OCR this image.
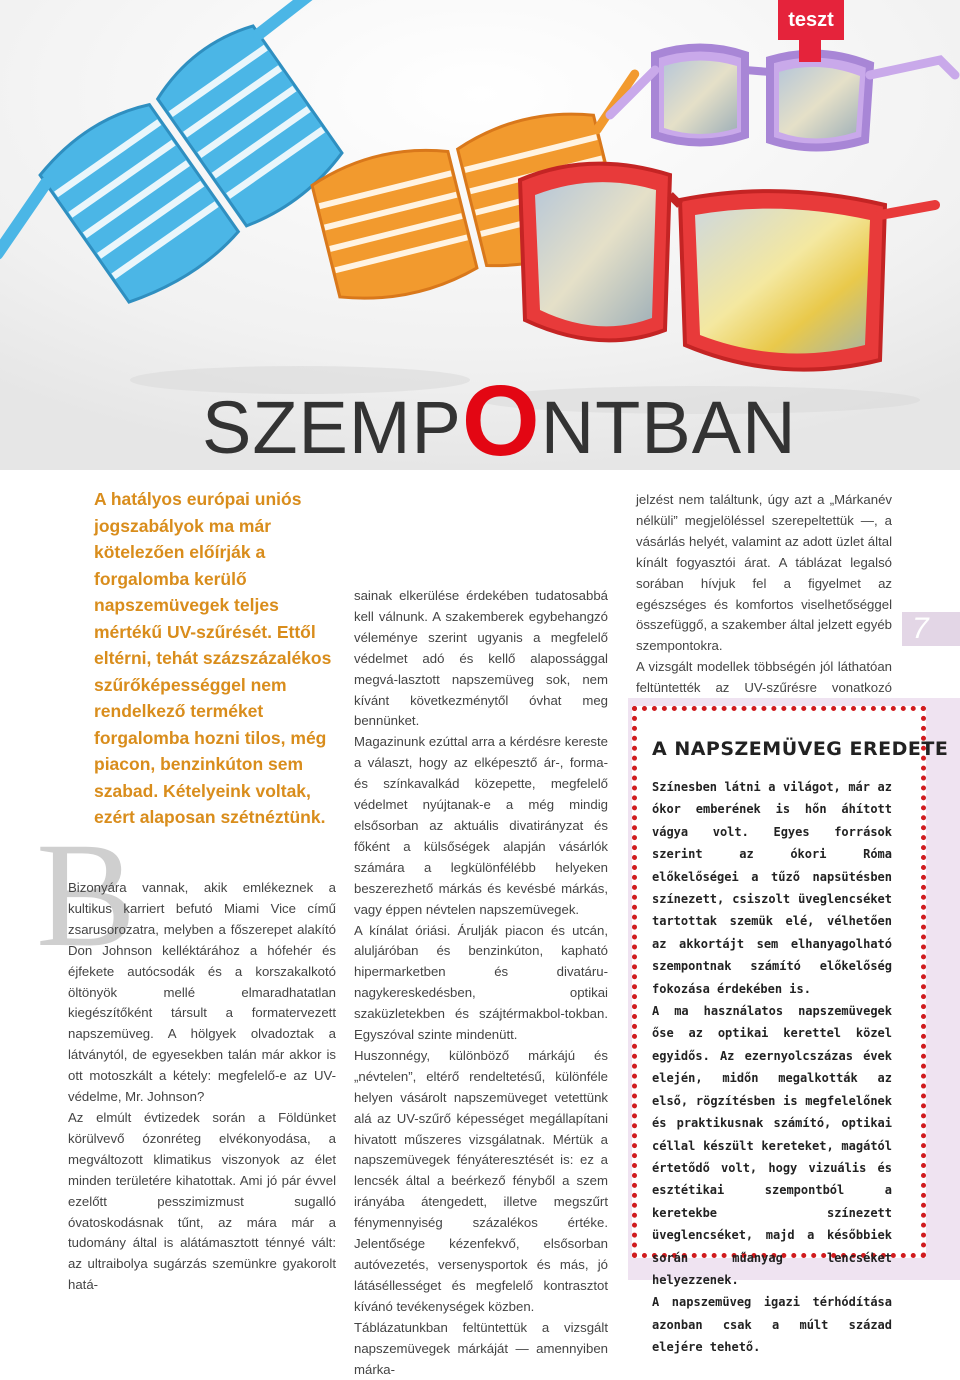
teszt
SZEMPONTBAN
A hatályos európai uniós jogszabályok ma már kötelezően előírják a forgalomba kerülő napszemüvegek teljes mértékű UV-szűrését. Ettől eltérni, tehát százszázalékos szűrőképességgel nem rendelkező terméket forgalomba hozni tilos, még piacon, benzinkúton sem szabad. Kételyeink voltak, ezért alaposan szétnéztünk.
B

Bizonyára vannak, akik emlékeznek a kultikus karriert befutó Miami Vice című zsarusorozatra, melyben a főszerepet alakító Don Johnson kelléktárához a hófehér és éjfekete autócsodák és a korszakalkotó öltönyök mellé elmaradhatatlan kiegészítőként társult a formatervezett napszemüveg. A hölgyek olvadoztak a látványtól, de egyesekben talán már akkor is ott motoszkált a kétely: megfelelő-e az UV-védelme, Mr. Johnson?

Az elmúlt évtizedek során a Földünket körülvevő ózonréteg elvékonyodása, a megváltozott klimatikus viszonyok az élet minden területére kihatottak. Ami jó pár évvel ezelőtt pesszimizmust sugalló óvatoskodásnak tűnt, az mára már a tudomány által is alátámasztott ténnyé vált: az ultraibolya sugárzás szemünkre gyakorolt hatá-

sainak elkerülése érdekében tudatosabbá kell válnunk. A szakemberek egybehangzó véleménye szerint ugyanis a megfelelő védelmet adó és kellő alapossággal megvá-lasztott napszemüveg sok, nem kívánt következménytől óvhat meg bennünket.

Magazinunk ezúttal arra a kérdésre kereste a választ, hogy az elképesztő ár-, forma- és színkavalkád közepette, megfelelő védelmet nyújtanak-e a még mindig elsősorban az aktuális divatirányzat és főként a külsőségek alapján vásárlók számára a legkülönfélébb helyeken beszerezhető márkás és kevésbé márkás, vagy éppen névtelen napszemüvegek.

A kínálat óriási. Árulják piacon és utcán, aluljáróban és benzinkúton, kapható hipermarketben és divatáru-nagykereskedésben, optikai szaküzletekben és szájtérmakbol-tokban. Egyszóval szinte mindenütt.

Huszonnégy, különböző márkájú és „névtelen”, eltérő rendeltetésű, különféle helyen vásárolt napszemüveget vetettünk alá az UV-szűrő képességet megállapítani hivatott műszeres vizsgálatnak. Mértük a napszemüvegek fényáteresztését is: ez a lencsék által a beérkező fényből a szem irányába átengedett, illetve megszűrt fénymennyiség százalékos értéke. Jelentősége kézenfekvő, elsősorban autóvezetés, versenysportok és más, jó látáséllességet és megfelelő kontrasztot kívánó tevékenységek közben.

Táblázatunkban feltüntettük a vizsgált napszemüvegek márkáját — amennyiben márka-

jelzést nem találtunk, úgy azt a „Márkanév nélküli” megjelöléssel szerepeltettük —, a vásárlás helyét, valamint az adott üzlet által kínált fogyasztói árat. A táblázat legalsó sorában hívjuk fel a figyelmet az egészséges és komfortos viselhetőséggel összefüggő, a szakember által jelzett egyéb szempontokra.

A vizsgált modellek többségén jól láthatóan feltüntették az UV-szűrésre vonatkozó

7
A NAPSZEMÜVEG EREDETE

Színesben látni a világot, már az ókor emberének is hőn áhított vágya volt. Egyes források szerint az ókori Róma előkelőségei a tűző napsütésben színezett, csiszolt üveglencséket tartottak szemük elé, vélhetően az akkortájt sem elhanyagolható szempontnak számító előkelőség fokozása érdekében is.

A ma használatos napszemüvegek őse az optikai kerettel közel egyidős. Az ezernyolcszázas évek elején, midőn megalkották az első, rögzítésben is megfelelőnek és praktikusnak számító, optikai céllal készült kereteket, magától értetődő volt, hogy vizuális és esztétikai szempontból a keretekbe színezett üveglencséket, majd a későbbiek során műanyag lencséket helyezzenek.

A napszemüveg igazi térhódítása azonban csak a múlt század elejére tehető.
